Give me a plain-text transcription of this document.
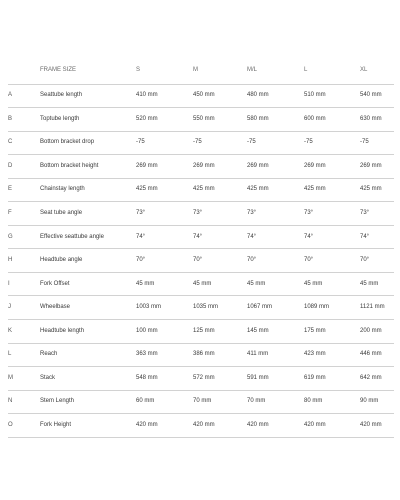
	FRAME SIZE	S	M	M/L	L	XL
A	Seattube length	410 mm	450 mm	480 mm	510 mm	540 mm
B	Toptube length	520 mm	550 mm	580 mm	600 mm	630 mm
C	Bottom bracket drop	-75	-75	-75	-75	-75
D	Bottom bracket height	269 mm	269 mm	269 mm	269 mm	269 mm
E	Chainstay length	425 mm	425 mm	425 mm	425 mm	425 mm
F	Seat tube angle	73°	73°	73°	73°	73°
G	Effective seattube angle	74°	74°	74°	74°	74°
H	Headtube angle	70°	70°	70°	70°	70°
I	Fork Offset	45 mm	45 mm	45 mm	45 mm	45 mm
J	Wheelbase	1003 mm	1035 mm	1067 mm	1089 mm	1121 mm
K	Headtube length	100 mm	125 mm	145 mm	175 mm	200 mm
L	Reach	363 mm	386 mm	411 mm	423 mm	446 mm
M	Stack	548 mm	572 mm	591 mm	619 mm	642 mm
N	Stem Length	60 mm	70 mm	70 mm	80 mm	90 mm
O	Fork Height	420 mm	420 mm	420 mm	420 mm	420 mm
